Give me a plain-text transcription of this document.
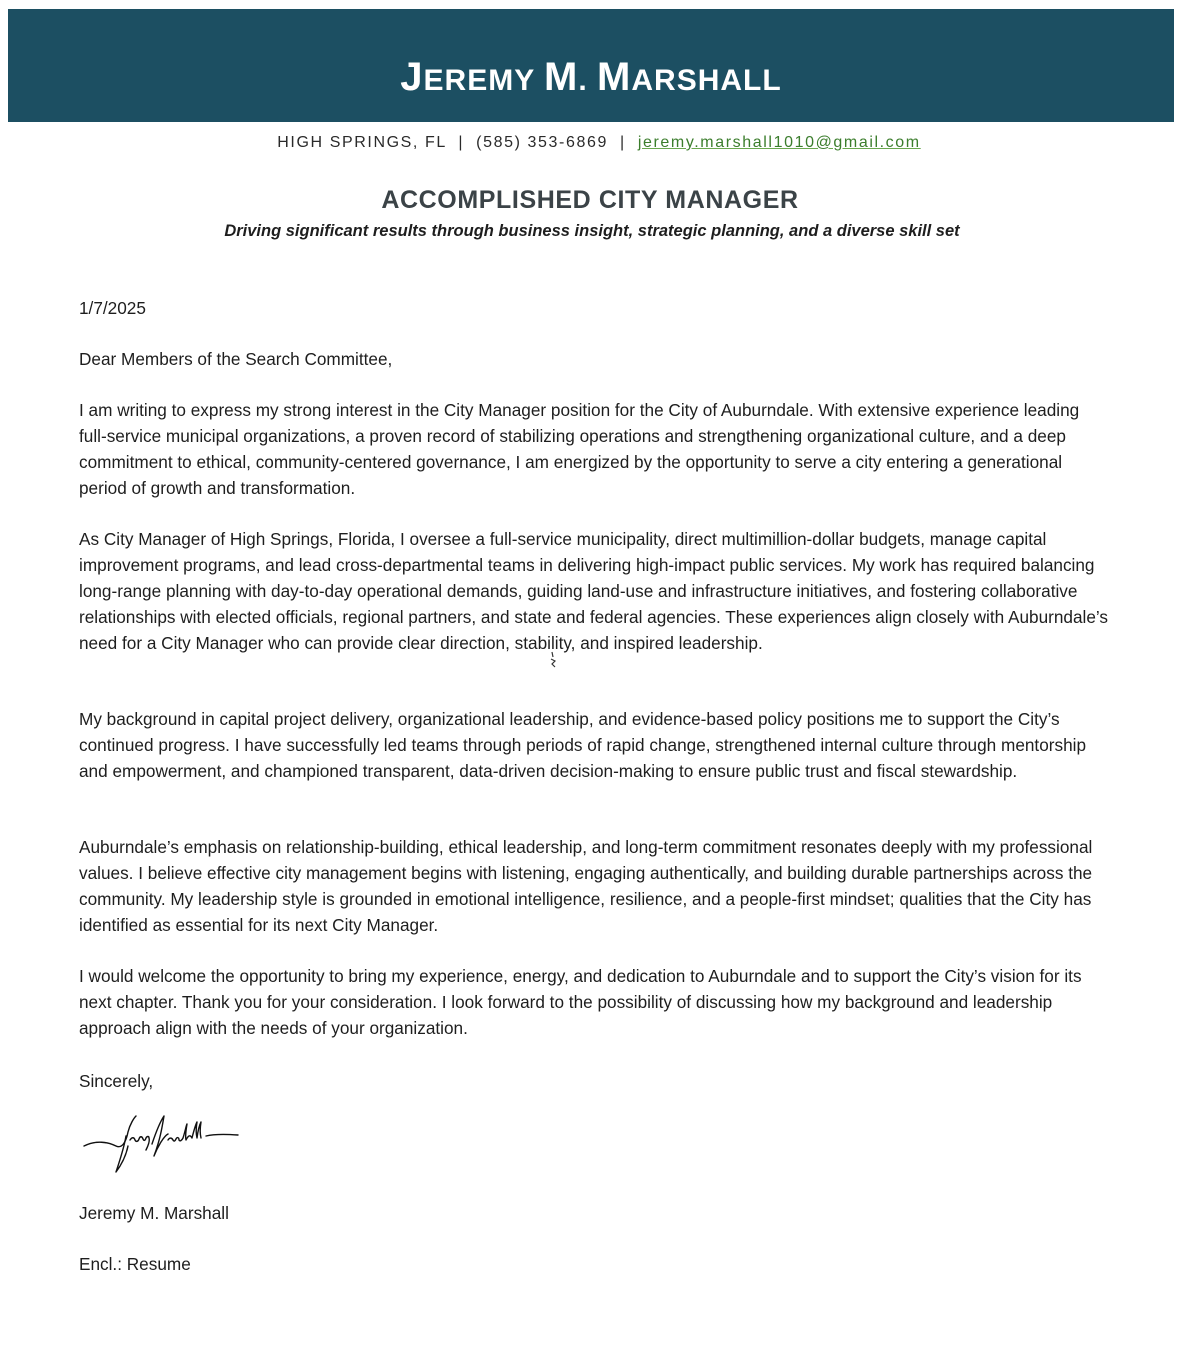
JEREMY M. MARSHALL
HIGH SPRINGS, FL | (585) 353-6869 | jeremy.marshall1010@gmail.com
ACCOMPLISHED CITY MANAGER
Driving significant results through business insight, strategic planning, and a diverse skill set
1/7/2025
Dear Members of the Search Committee,
I am writing to express my strong interest in the City Manager position for the City of Auburndale. With extensive experience leading full-service municipal organizations, a proven record of stabilizing operations and strengthening organizational culture, and a deep commitment to ethical, community-centered governance, I am energized by the opportunity to serve a city entering a generational period of growth and transformation.
As City Manager of High Springs, Florida, I oversee a full-service municipality, direct multimillion-dollar budgets, manage capital improvement programs, and lead cross-departmental teams in delivering high-impact public services. My work has required balancing long-range planning with day-to-day operational demands, guiding land-use and infrastructure initiatives, and fostering collaborative relationships with elected officials, regional partners, and state and federal agencies. These experiences align closely with Auburndale’s need for a City Manager who can provide clear direction, stability, and inspired leadership.
My background in capital project delivery, organizational leadership, and evidence-based policy positions me to support the City’s continued progress. I have successfully led teams through periods of rapid change, strengthened internal culture through mentorship and empowerment, and championed transparent, data-driven decision-making to ensure public trust and fiscal stewardship.
Auburndale’s emphasis on relationship-building, ethical leadership, and long-term commitment resonates deeply with my professional values. I believe effective city management begins with listening, engaging authentically, and building durable partnerships across the community. My leadership style is grounded in emotional intelligence, resilience, and a people-first mindset; qualities that the City has identified as essential for its next City Manager.
I would welcome the opportunity to bring my experience, energy, and dedication to Auburndale and to support the City’s vision for its next chapter. Thank you for your consideration. I look forward to the possibility of discussing how my background and leadership approach align with the needs of your organization.
Sincerely,
Jeremy M. Marshall
Encl.: Resume
